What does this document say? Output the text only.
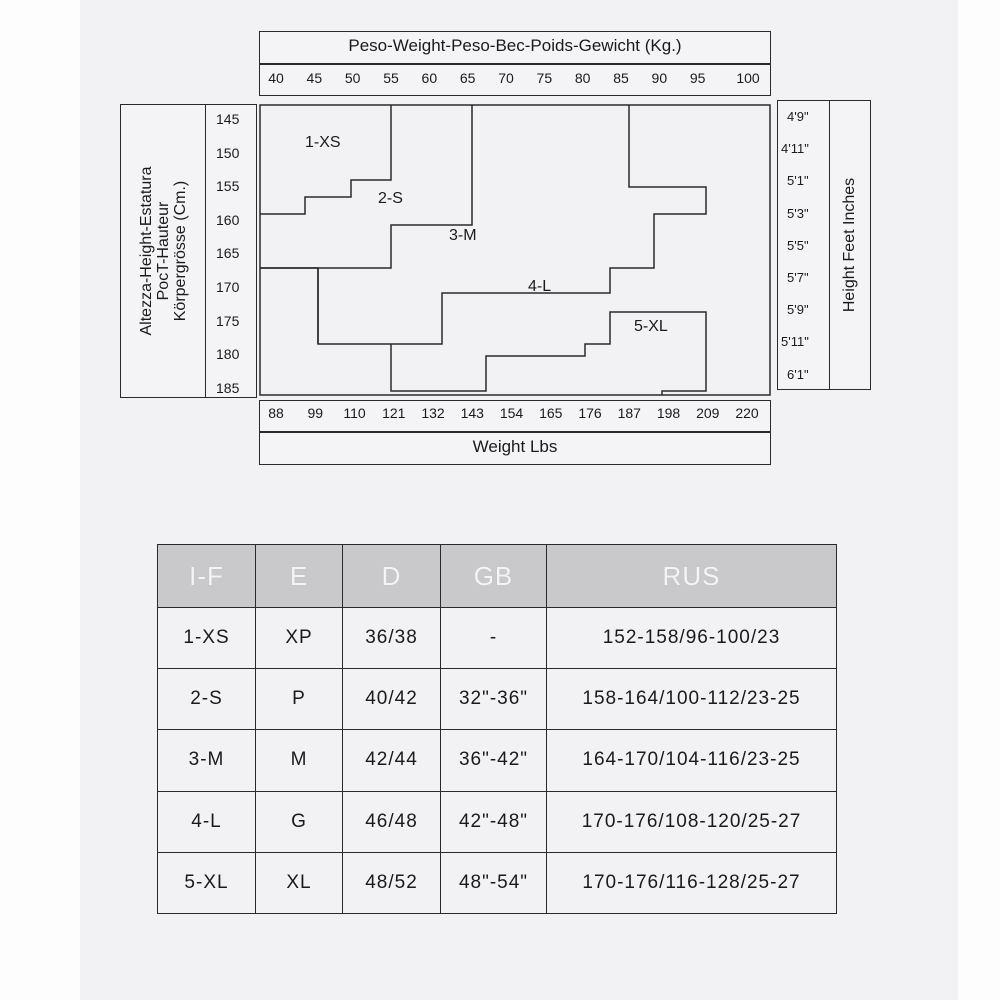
Peso-Weight-Peso-Bec-Poids-Gewicht (Kg.)
40 45 50 55 60 65 70 75 80 85 90 95 100
Altezza-Height-Estatura PocT-Hauteur Körpergrösse (Cm.)
145
150
155
160
165
170
175
180
185
Height Feet Inches
4'9"
4'11"
5'1"
5'3"
5'5"
5'7"
5'9"
5'11"
6'1"
1-XS
2-S
3-M
4-L
5-XL
88 99 110 121 132 143 154 165 176 187 198 209 220
Weight Lbs
I-F	E	D	GB	RUS
1-XS	XP	36/38	-	152-158/96-100/23
2-S	P	40/42	32"-36"	158-164/100-112/23-25
3-M	M	42/44	36"-42"	164-170/104-116/23-25
4-L	G	46/48	42"-48"	170-176/108-120/25-27
5-XL	XL	48/52	48"-54"	170-176/116-128/25-27
